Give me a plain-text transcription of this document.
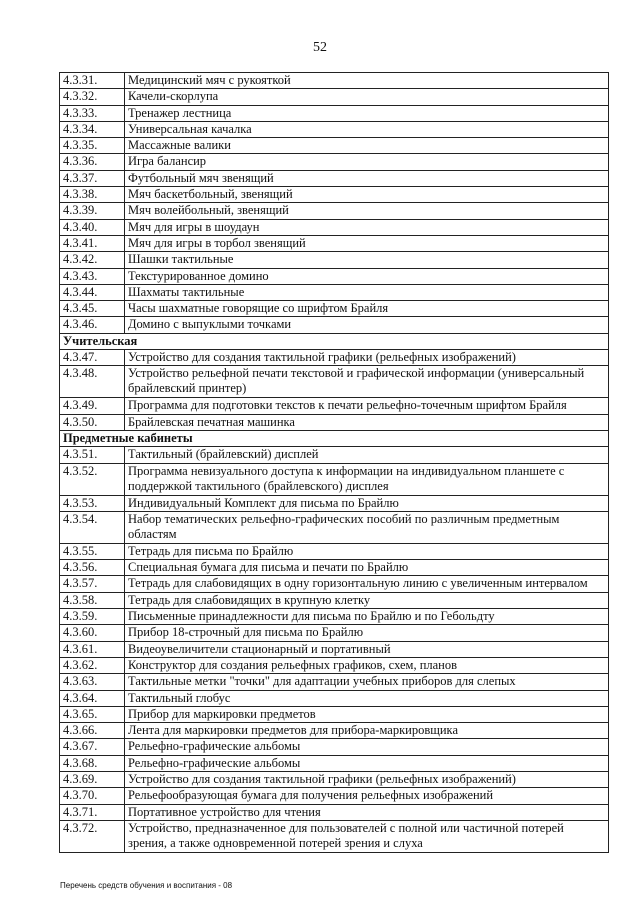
52
4.3.31.	Медицинский мяч с рукояткой
4.3.32.	Качели-скорлупа
4.3.33.	Тренажер лестница
4.3.34.	Универсальная качалка
4.3.35.	Массажные валики
4.3.36.	Игра балансир
4.3.37.	Футбольный мяч звенящий
4.3.38.	Мяч баскетбольный, звенящий
4.3.39.	Мяч волейбольный, звенящий
4.3.40.	Мяч для игры в шоудаун
4.3.41.	Мяч для игры в торбол звенящий
4.3.42.	Шашки тактильные
4.3.43.	Текстурированное домино
4.3.44.	Шахматы тактильные
4.3.45.	Часы шахматные говорящие со шрифтом Брайля
4.3.46.	Домино с выпуклыми точками
Учительская	
4.3.47.	Устройство для создания тактильной графики (рельефных изображений)
4.3.48.	Устройство рельефной печати текстовой и графической информации (универсальный брайлевский принтер)
4.3.49.	Программа для подготовки текстов к печати рельефно-точечным шрифтом Брайля
4.3.50.	Брайлевская печатная машинка
Предметные кабинеты	
4.3.51.	Тактильный (брайлевский) дисплей
4.3.52.	Программа невизуального доступа к информации на индивидуальном планшете с поддержкой тактильного (брайлевского) дисплея
4.3.53.	Индивидуальный Комплект для письма по Брайлю
4.3.54.	Набор тематических рельефно-графических пособий по различным предметным областям
4.3.55.	Тетрадь для письма по Брайлю
4.3.56.	Специальная бумага для письма и печати по Брайлю
4.3.57.	Тетрадь для слабовидящих в одну горизонтальную линию с увеличенным интервалом
4.3.58.	Тетрадь для слабовидящих в крупную клетку
4.3.59.	Письменные принадлежности для письма по Брайлю и по Гебольдту
4.3.60.	Прибор 18-строчный для письма по Брайлю
4.3.61.	Видеоувеличители стационарный и портативный
4.3.62.	Конструктор для создания рельефных графиков, схем, планов
4.3.63.	Тактильные метки "точки" для адаптации учебных приборов для слепых
4.3.64.	Тактильный глобус
4.3.65.	Прибор для маркировки предметов
4.3.66.	Лента для маркировки предметов для прибора-маркировщика
4.3.67.	Рельефно-графические альбомы
4.3.68.	Рельефно-графические альбомы
4.3.69.	Устройство для создания тактильной графики (рельефных изображений)
4.3.70.	Рельефообразующая бумага для получения рельефных изображений
4.3.71.	Портативное устройство для чтения
4.3.72.	Устройство, предназначенное для пользователей с полной или частичной потерей зрения, а также одновременной потерей зрения и слуха
Перечень средств обучения и воспитания - 08
